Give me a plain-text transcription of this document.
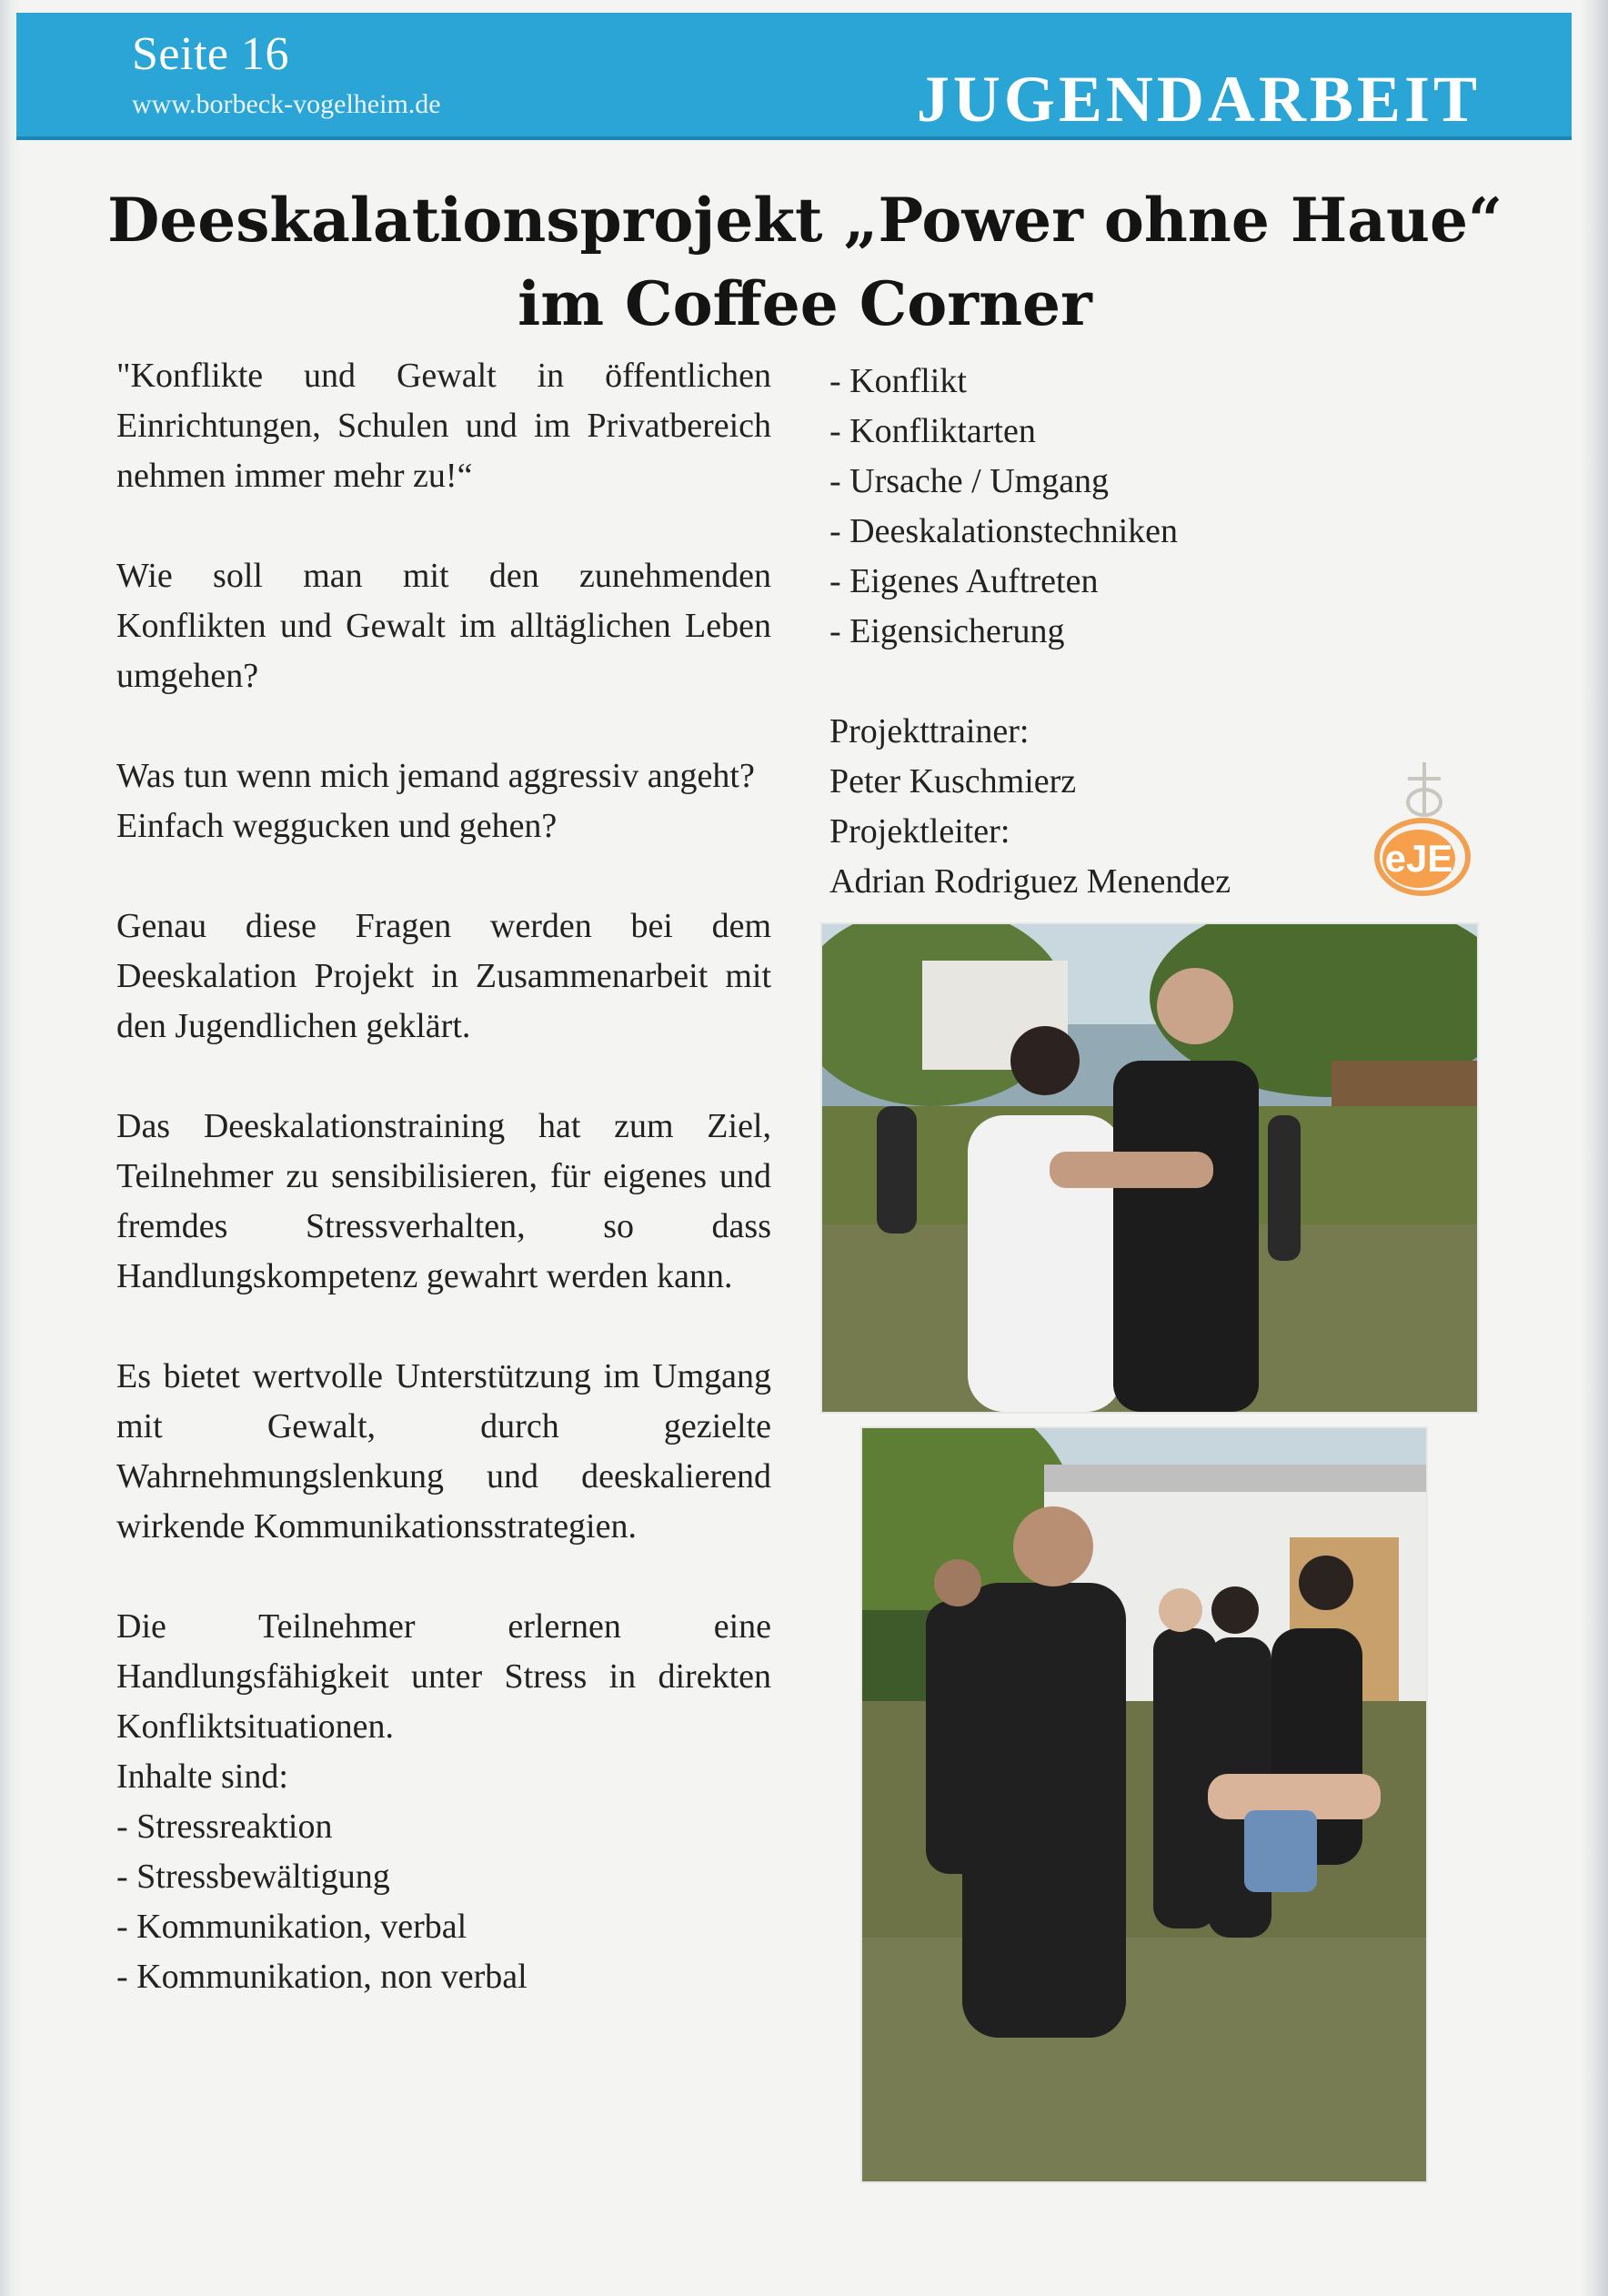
Seite 16
www.borbeck-vogelheim.de	JUGENDARBEIT
Deeskalationsprojekt „Power ohne Haue“
im Coffee Corner

"Konflikte und Gewalt in öffentlichen Einrichtungen, Schulen und im Privatbereich nehmen immer mehr zu!“

Wie soll man mit den zunehmenden Konflikten und Gewalt im alltäglichen Leben umgehen?

Was tun wenn mich jemand aggressiv angeht?

Einfach weggucken und gehen?

Genau diese Fragen werden bei dem Deeskalation Projekt in Zusammenarbeit mit den Jugendlichen geklärt.

Das Deeskalationstraining hat zum Ziel, Teilnehmer zu sensibilisieren, für eigenes und fremdes Stressverhalten, so dass Handlungskompetenz gewahrt werden kann.

Es bietet wertvolle Unterstützung im Umgang mit Gewalt, durch gezielte Wahrnehmungslenkung und deeskalierend wirkende Kommunikationsstrategien.

Die Teilnehmer erlernen eine Handlungsfähigkeit unter Stress in direkten Konfliktsituationen.

Inhalte sind:
- Stressreaktion
- Stressbewältigung
- Kommunikation, verbal
- Kommunikation, non verbal
- Konflikt
- Konfliktarten
- Ursache / Umgang
- Deeskalationstechniken
- Eigenes Auftreten
- Eigensicherung
Projekttrainer:
Peter Kuschmierz
Projektleiter:
Adrian Rodriguez Menendez
eJE
